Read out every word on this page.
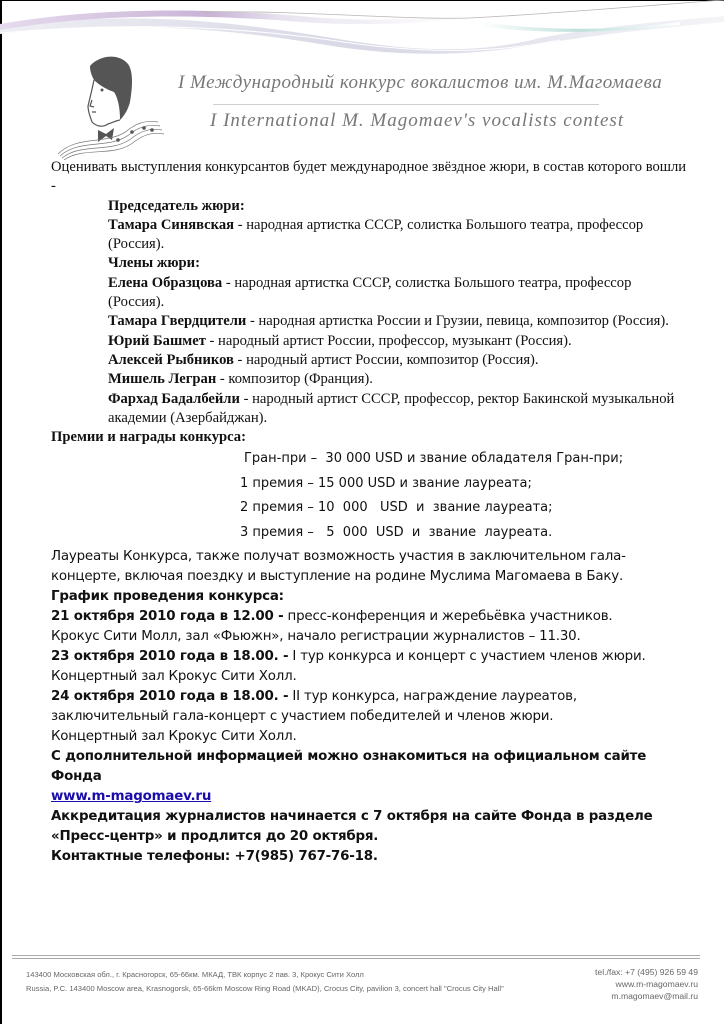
I Международный конкурс вокалистов им. М.Магомаева
I International M. Magomaev's vocalists contest

Оценивать выступления конкурсантов будет международное звёздное жюри, в состав которого вошли -

Председатель жюри:

Тамара Синявская - народная артистка СССР, солистка Большого театра, профессор (Россия).

Члены жюри:

Елена Образцова - народная артистка СССР, солистка Большого театра, профессор (Россия).

Тамара Гвердцители - народная артистка России и Грузии, певица, композитор (Россия).

Юрий Башмет - народный артист России, профессор, музыкант (Россия).

Алексей Рыбников - народный артист России, композитор (Россия).

Мишель Легран - композитор (Франция).

Фархад Бадалбейли - народный артист СССР, профессор, ректор Бакинской музыкальной академии (Азербайджан).

Премии и награды конкурса:

Гран-при –  30 000 USD и звание обладателя Гран-при;
1 премия – 15 000 USD и звание лауреата;
2 премия – 10  000   USD  и  звание лауреата;
3 премия –   5  000  USD  и  звание  лауреата.

Лауреаты Конкурса, также получат возможность участия в заключительном гала-концерте, включая поездку и выступление на родине Муслима Магомаева в Баку.

График проведения конкурса:

21 октября 2010 года в 12.00 - пресс-конференция и жеребьёвка участников.

Крокус Сити Молл, зал «Фьюжн», начало регистрации журналистов – 11.30.

23 октября 2010 года в 18.00. - I тур конкурса и концерт с участием членов жюри.

Концертный зал Крокус Сити Холл.

24 октября 2010 года в 18.00. - II тур конкурса, награждение лауреатов, заключительный гала-концерт с участием победителей и членов жюри.

Концертный зал Крокус Сити Холл.

С дополнительной информацией можно ознакомиться на официальном сайте Фонда

www.m-magomaev.ru

Аккредитация журналистов начинается с 7 октября на сайте Фонда в разделе «Пресс-центр» и продлится до 20 октября.

Контактные телефоны: +7(985) 767-76-18.

143400 Московская обл., г. Красногорск, 65-66км. МКАД, ТВК корпус 2 пав. 3, Крокус Сити Холл
Russia, P.C. 143400 Moscow area, Krasnogorsk, 65-66km Moscow Ring Road (MKAD), Crocus City, pavilion 3, concert hall "Crocus City Hall"
tel./fax: +7 (495) 926 59 49
www.m-magomaev.ru
m.magomaev@mail.ru
